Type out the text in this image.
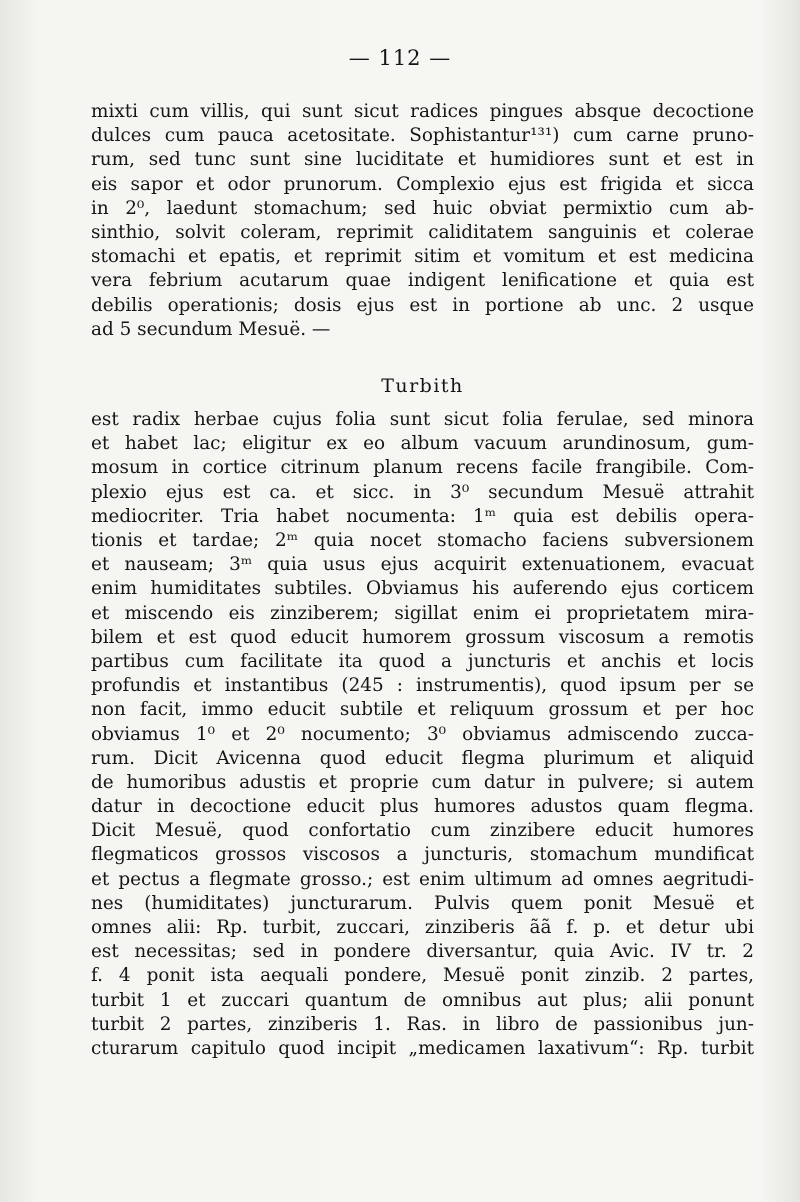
— 112 —
mixti cum villis, qui sunt sicut radices pingues absque decoctione
dulces cum pauca acetositate. Sophistantur¹³¹) cum carne pruno-
rum, sed tunc sunt sine luciditate et humidiores sunt et est in
eis sapor et odor prunorum. Complexio ejus est frigida et sicca
in 2⁰, laedunt stomachum; sed huic obviat permixtio cum ab-
sinthio, solvit coleram, reprimit caliditatem sanguinis et colerae
stomachi et epatis, et reprimit sitim et vomitum et est medicina
vera febrium acutarum quae indigent lenificatione et quia est
debilis operationis; dosis ejus est in portione ab unc. 2 usque
ad 5 secundum Mesuë. —
Turbith
est radix herbae cujus folia sunt sicut folia ferulae, sed minora
et habet lac; eligitur ex eo album vacuum arundinosum, gum-
mosum in cortice citrinum planum recens facile frangibile. Com-
plexio ejus est ca. et sicc. in 3⁰ secundum Mesuë attrahit
mediocriter. Tria habet nocumenta: 1ᵐ quia est debilis opera-
tionis et tardae; 2ᵐ quia nocet stomacho faciens subversionem
et nauseam; 3ᵐ quia usus ejus acquirit extenuationem, evacuat
enim humiditates subtiles. Obviamus his auferendo ejus corticem
et miscendo eis zinziberem; sigillat enim ei proprietatem mira-
bilem et est quod educit humorem grossum viscosum a remotis
partibus cum facilitate ita quod a juncturis et anchis et locis
profundis et instantibus (245 : instrumentis), quod ipsum per se
non facit, immo educit subtile et reliquum grossum et per hoc
obviamus 1⁰ et 2⁰ nocumento; 3⁰ obviamus admiscendo zucca-
rum. Dicit Avicenna quod educit flegma plurimum et aliquid
de humoribus adustis et proprie cum datur in pulvere; si autem
datur in decoctione educit plus humores adustos quam flegma.
Dicit Mesuë, quod confortatio cum zinzibere educit humores
flegmaticos grossos viscosos a juncturis, stomachum mundificat
et pectus a flegmate grosso.; est enim ultimum ad omnes aegritudi-
nes (humiditates) juncturarum. Pulvis quem ponit Mesuë et
omnes alii: Rp. turbit, zuccari, zinziberis ãã f. p. et detur ubi
est necessitas; sed in pondere diversantur, quia Avic. IV tr. 2
f. 4 ponit ista aequali pondere, Mesuë ponit zinzib. 2 partes,
turbit 1 et zuccari quantum de omnibus aut plus; alii ponunt
turbit 2 partes, zinziberis 1. Ras. in libro de passionibus jun-
cturarum capitulo quod incipit „medicamen laxativum“: Rp. turbit
